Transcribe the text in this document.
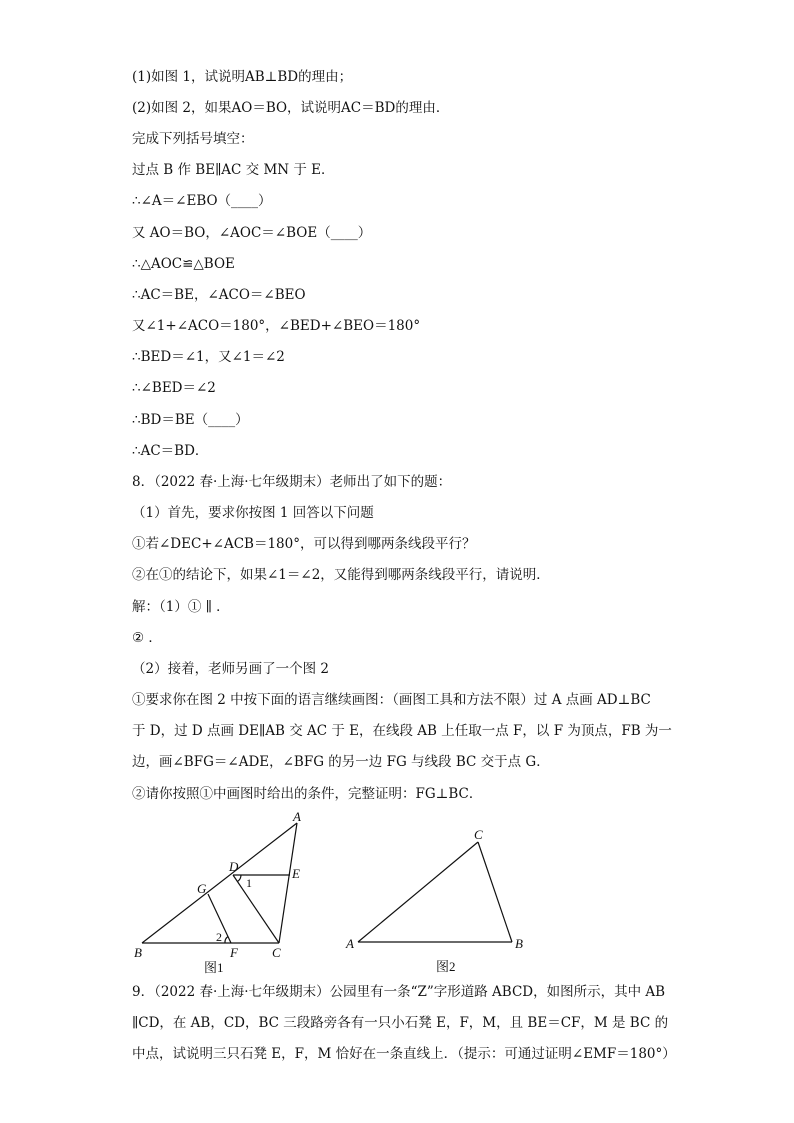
(1)如图 1，试说明AB⊥BD的理由；
(2)如图 2，如果AO＝BO，试说明AC＝BD的理由．
完成下列括号填空：
过点 B 作 BE∥AC 交 MN 于 E．
∴∠A＝∠EBO（____）
又 AO＝BO，∠AOC＝∠BOE（____）
∴△AOC≌△BOE
∴AC＝BE，∠ACO＝∠BEO
又∠1+∠ACO＝180°，∠BED+∠BEO＝180°
∴BED＝∠1，又∠1＝∠2
∴∠BED＝∠2
∴BD＝BE（____）
∴AC＝BD．
8．（2022 春·上海·七年级期末）老师出了如下的题：
（1）首先，要求你按图 1 回答以下问题
①若∠DEC+∠ACB＝180°，可以得到哪两条线段平行？
②在①的结论下，如果∠1＝∠2，又能得到哪两条线段平行，请说明．
解：（1）① ∥ ．
② ．
（2）接着，老师另画了一个图 2
①要求你在图 2 中按下面的语言继续画图：（画图工具和方法不限）过 A 点画 AD⊥BC
于 D，过 D 点画 DE∥AB 交 AC 于 E，在线段 AB 上任取一点 F，以 F 为顶点，FB 为一
边，画∠BFG＝∠ADE，∠BFG 的另一边 FG 与线段 BC 交于点 G．
②请你按照①中画图时给出的条件，完整证明：FG⊥BC．
A
B	C
D	E
F
G	1
2
图1
A	B
C
图2
9．（2022 春·上海·七年级期末）公园里有一条“Z”字形道路 ABCD，如图所示，其中 AB
∥CD，在 AB，CD，BC 三段路旁各有一只小石凳 E，F，M，且 BE＝CF，M 是 BC 的
中点，试说明三只石凳 E，F，M 恰好在一条直线上．（提示：可通过证明∠EMF＝180°）
